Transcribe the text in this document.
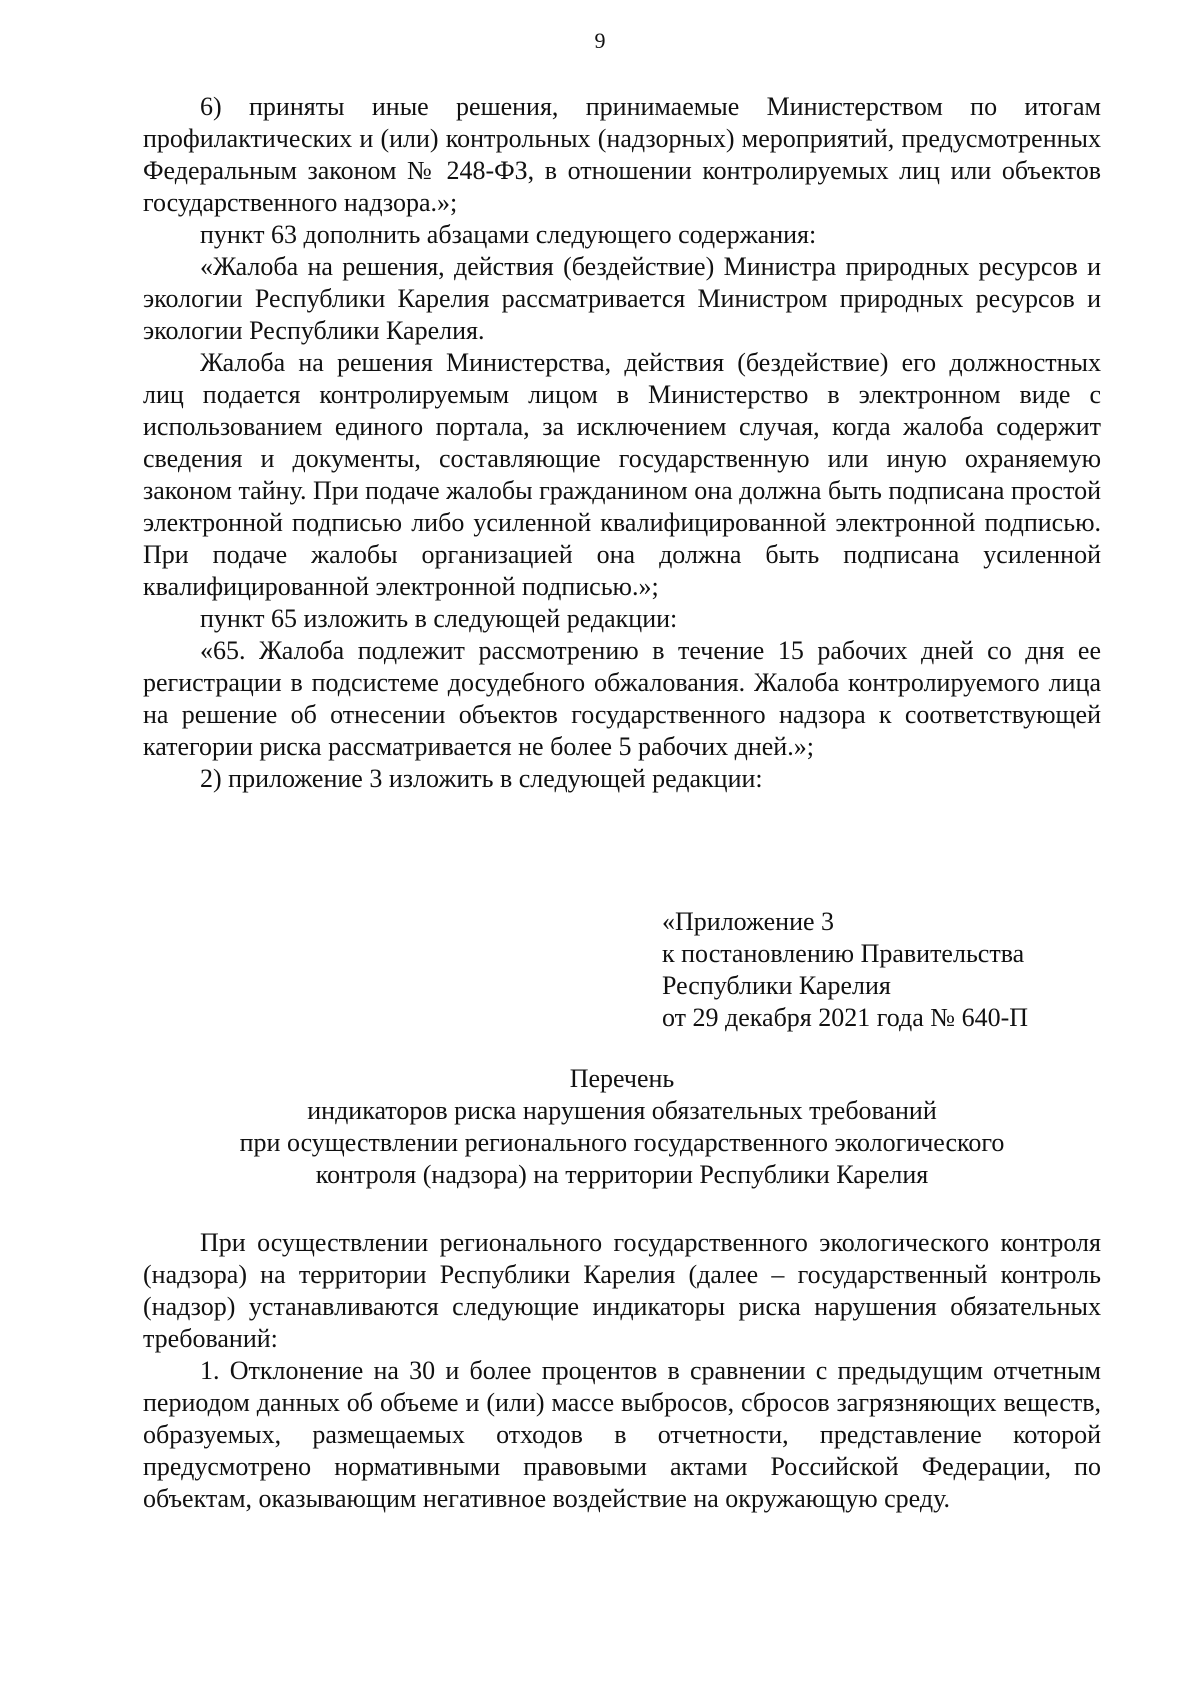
9

6) приняты иные решения, принимаемые Министерством по итогам профилактических и (или) контрольных (надзорных) мероприятий, предусмотренных Федеральным законом № 248-ФЗ, в отношении контролируемых лиц или объектов государственного надзора.»;

пункт 63 дополнить абзацами следующего содержания:

«Жалоба на решения, действия (бездействие) Министра природных ресурсов и экологии Республики Карелия рассматривается Министром природных ресурсов и экологии Республики Карелия.

Жалоба на решения Министерства, действия (бездействие) его должностных лиц подается контролируемым лицом в Министерство в электронном виде с использованием единого портала, за исключением случая, когда жалоба содержит сведения и документы, составляющие государственную или иную охраняемую законом тайну. При подаче жалобы гражданином она должна быть подписана простой электронной подписью либо усиленной квалифицированной электронной подписью. При подаче жалобы организацией она должна быть подписана усиленной квалифицированной электронной подписью.»;

пункт 65 изложить в следующей редакции:

«65. Жалоба подлежит рассмотрению в течение 15 рабочих дней со дня ее регистрации в подсистеме досудебного обжалования. Жалоба контролируемого лица на решение об отнесении объектов государственного надзора к соответствующей категории риска рассматривается не более 5 рабочих дней.»;

2) приложение 3 изложить в следующей редакции:

«Приложение 3
к постановлению Правительства
Республики Карелия
от 29 декабря 2021 года № 640-П
Перечень
индикаторов риска нарушения обязательных требований
при осуществлении регионального государственного экологического
контроля (надзора) на территории Республики Карелия

При осуществлении регионального государственного экологического контроля (надзора) на территории Республики Карелия (далее – государственный контроль (надзор) устанавливаются следующие индикаторы риска нарушения обязательных требований:

1. Отклонение на 30 и более процентов в сравнении с предыдущим отчетным периодом данных об объеме и (или) массе выбросов, сбросов загрязняющих веществ, образуемых, размещаемых отходов в отчетности, представление которой предусмотрено нормативными правовыми актами Российской Федерации, по объектам, оказывающим негативное воздействие на окружающую среду.
